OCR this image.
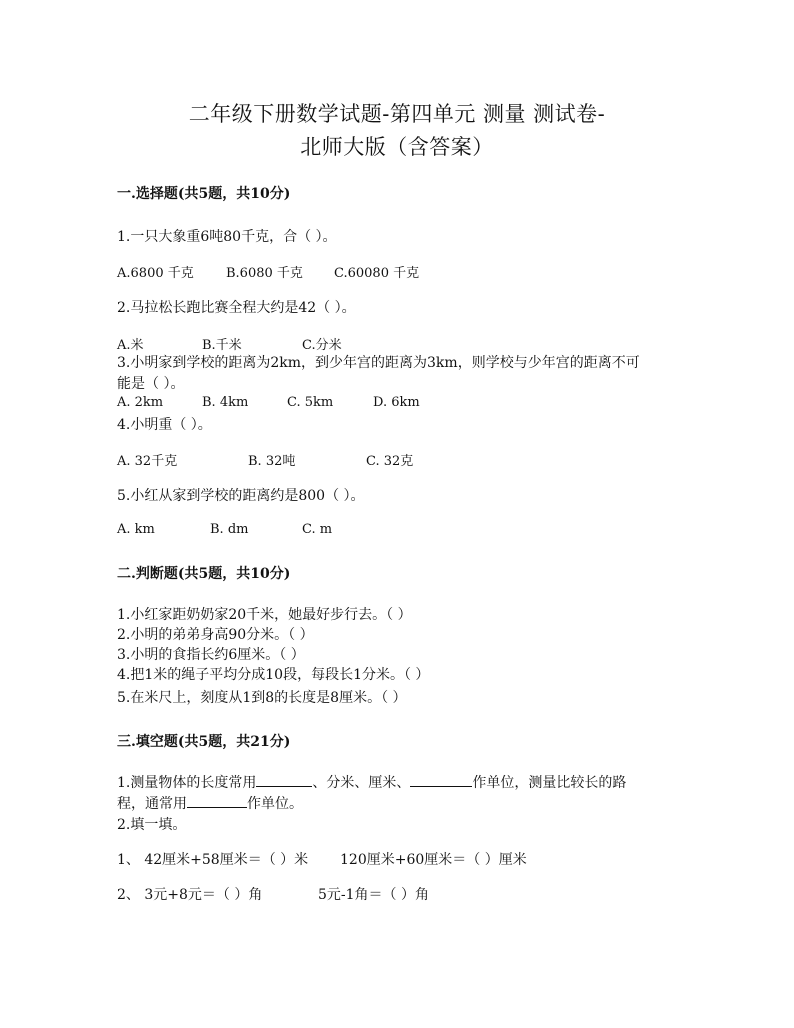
二年级下册数学试题-第四单元 测量 测试卷-
北师大版（含答案）
一.选择题(共5题，共10分)
1.一只大象重6吨80千克，合（ ）。
A.6800 千克 B.6080 千克 C.60080 千克
2.马拉松长跑比赛全程大约是42（ ）。
A.米	B.千米	C.分米
3.小明家到学校的距离为2km，到少年宫的距离为3km，则学校与少年宫的距离不可
能是（ ）。
A. 2km	B. 4km	C. 5km	D. 6km
4.小明重（ ）。
A. 32千克	B. 32吨	C. 32克
5.小红从家到学校的距离约是800（ ）。
A. km	B. dm	C. m
二.判断题(共5题，共10分)
1.小红家距奶奶家20千米，她最好步行去。（ ）
2.小明的弟弟身高90分米。（ ）
3.小明的食指长约6厘米。（ ）
4.把1米的绳子平均分成10段，每段长1分米。（ ）
5.在米尺上，刻度从1到8的长度是8厘米。（ ）
三.填空题(共5题，共21分)
1.测量物体的长度常用	、分米、厘米、	作单位，测量比较长的路
程，通常用	作单位。
2.填一填。
1、 42厘米+58厘米＝（ ）米 120厘米+60厘米＝（ ）厘米
2、 3元+8元＝（ ）角	5元-1角＝（ ）角
